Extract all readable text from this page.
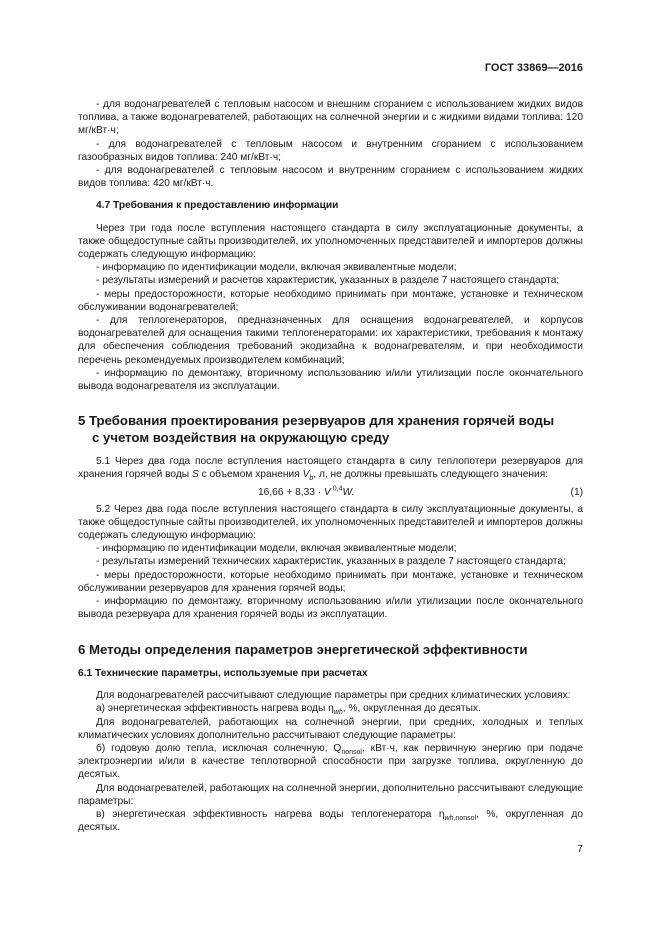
ГОСТ 33869—2016

- для водонагревателей с тепловым насосом и внешним сгоранием с использованием жидких видов топлива, а также водонагревателей, работающих на солнечной энергии и с жидкими видами топлива: 120 мг/кВт·ч;

- для водонагревателей с тепловым насосом и внутренним сгоранием с использованием газообразных видов топлива: 240 мг/кВт·ч;

- для водонагревателей с тепловым насосом и внутренним сгоранием с использованием жидких видов топлива: 420 мг/кВт·ч.

4.7 Требования к предоставлению информации

Через три года после вступления настоящего стандарта в силу эксплуатационные документы, а также общедоступные сайты производителей, их уполномоченных представителей и импортеров должны содержать следующую информацию:

- информацию по идентификации модели, включая эквивалентные модели;

- результаты измерений и расчетов характеристик, указанных в разделе 7 настоящего стандарта;

- меры предосторожности, которые необходимо принимать при монтаже, установке и техническом обслуживании водонагревателей;

- для теплогенераторов, предназначенных для оснащения водонагревателей, и корпусов водонагревателей для оснащения такими теплогенераторами: их характеристики, требования к монтажу для обеспечения соблюдения требований экодизайна к водонагревателям, и при необходимости перечень рекомендуемых производителем комбинаций;

- информацию по демонтажу, вторичному использованию и/или утилизации после окончательного вывода водонагревателя из эксплуатации.

5 Требования проектирования резервуаров для хранения горячей воды
с учетом воздействия на окружающую среду

5.1 Через два года после вступления настоящего стандарта в силу теплопотери резервуаров для хранения горячей воды S с объемом хранения $V_b$, л, не должны превышать следующего значения:

16,66 + 8,33 · V $^{0,4}$W.	(1)

5.2 Через два года после вступления настоящего стандарта в силу эксплуатационные документы, а также общедоступные сайты производителей, их уполномоченных представителей и импортеров должны содержать следующую информацию:

- информацию по идентификации модели, включая эквивалентные модели;

- результаты измерений технических характеристик, указанных в разделе 7 настоящего стандарта;

- меры предосторожности, которые необходимо принимать при монтаже, установке и техническом обслуживании резервуаров для хранения горячей воды;

- информацию по демонтажу, вторичному использованию и/или утилизации после окончательного вывода резервуара для хранения горячей воды из эксплуатации.

6 Методы определения параметров энергетической эффективности
6.1 Технические параметры, используемые при расчетах

Для водонагревателей рассчитывают следующие параметры при средних климатических условиях:

а) энергетическая эффективность нагрева воды $\eta_{wh}$, %, округленная до десятых.

Для водонагревателей, работающих на солнечной энергии, при средних, холодных и теплых климатических условиях дополнительно рассчитывают следующие параметры:

б) годовую долю тепла, исключая солнечную, $Q_{nonsol}$, кВт·ч, как первичную энергию при подаче электроэнергии и/или в качестве теплотворной способности при загрузке топлива, округленную до десятых.

Для водонагревателей, работающих на солнечной энергии, дополнительно рассчитывают следующие параметры:

в) энергетическая эффективность нагрева воды теплогенератора $\eta_{wh,nonsol}$, %, округленная до десятых.

7
